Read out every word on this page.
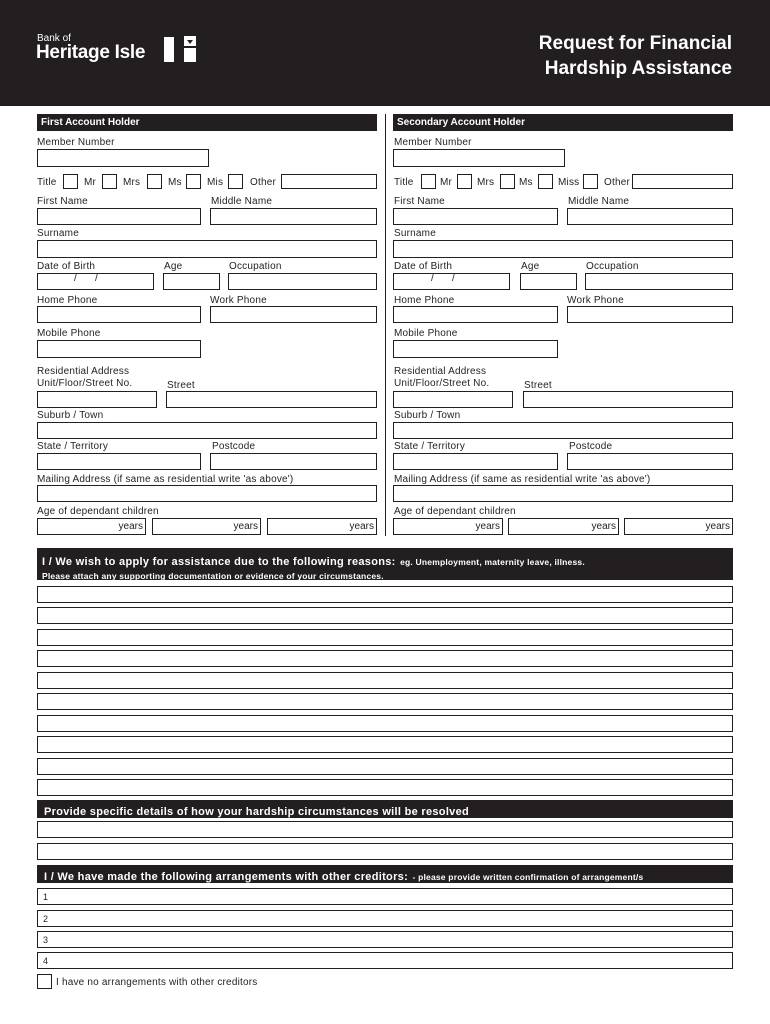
Bank of
Heritage Isle	Request for Financial
Hardship Assistance
First Account Holder	Secondary Account Holder
Member Number
Title	Mr	Mrs	Ms	Mis	Other
First Name	Middle Name
Surname
Date of Birth	Age	Occupation
/ /
Home Phone	Work Phone
Mobile Phone
Residential Address
Unit/Floor/Street No.	Street
Suburb / Town
State / Territory	Postcode
Mailing Address (if same as residential write 'as above')
Age of dependant children
years	years	years
Member Number
Title	Mr Mrs Ms	Miss Other
First Name	Middle Name
Surname
Date of Birth	Age	Occupation
/ /
Home Phone	Work Phone
Mobile Phone
Residential Address
Unit/Floor/Street No.	Street
Suburb / Town
State / Territory	Postcode
Mailing Address (if same as residential write 'as above')
Age of dependant children
years	years	years
I / We wish to apply for assistance due to the following reasons: eg. Unemployment, maternity leave, illness.
Please attach any supporting documentation or evidence of your circumstances.
Provide specific details of how your hardship circumstances will be resolved
I / We have made the following arrangements with other creditors: - please provide written confirmation of arrangement/s
1
2
3
4
I have no arrangements with other creditors
